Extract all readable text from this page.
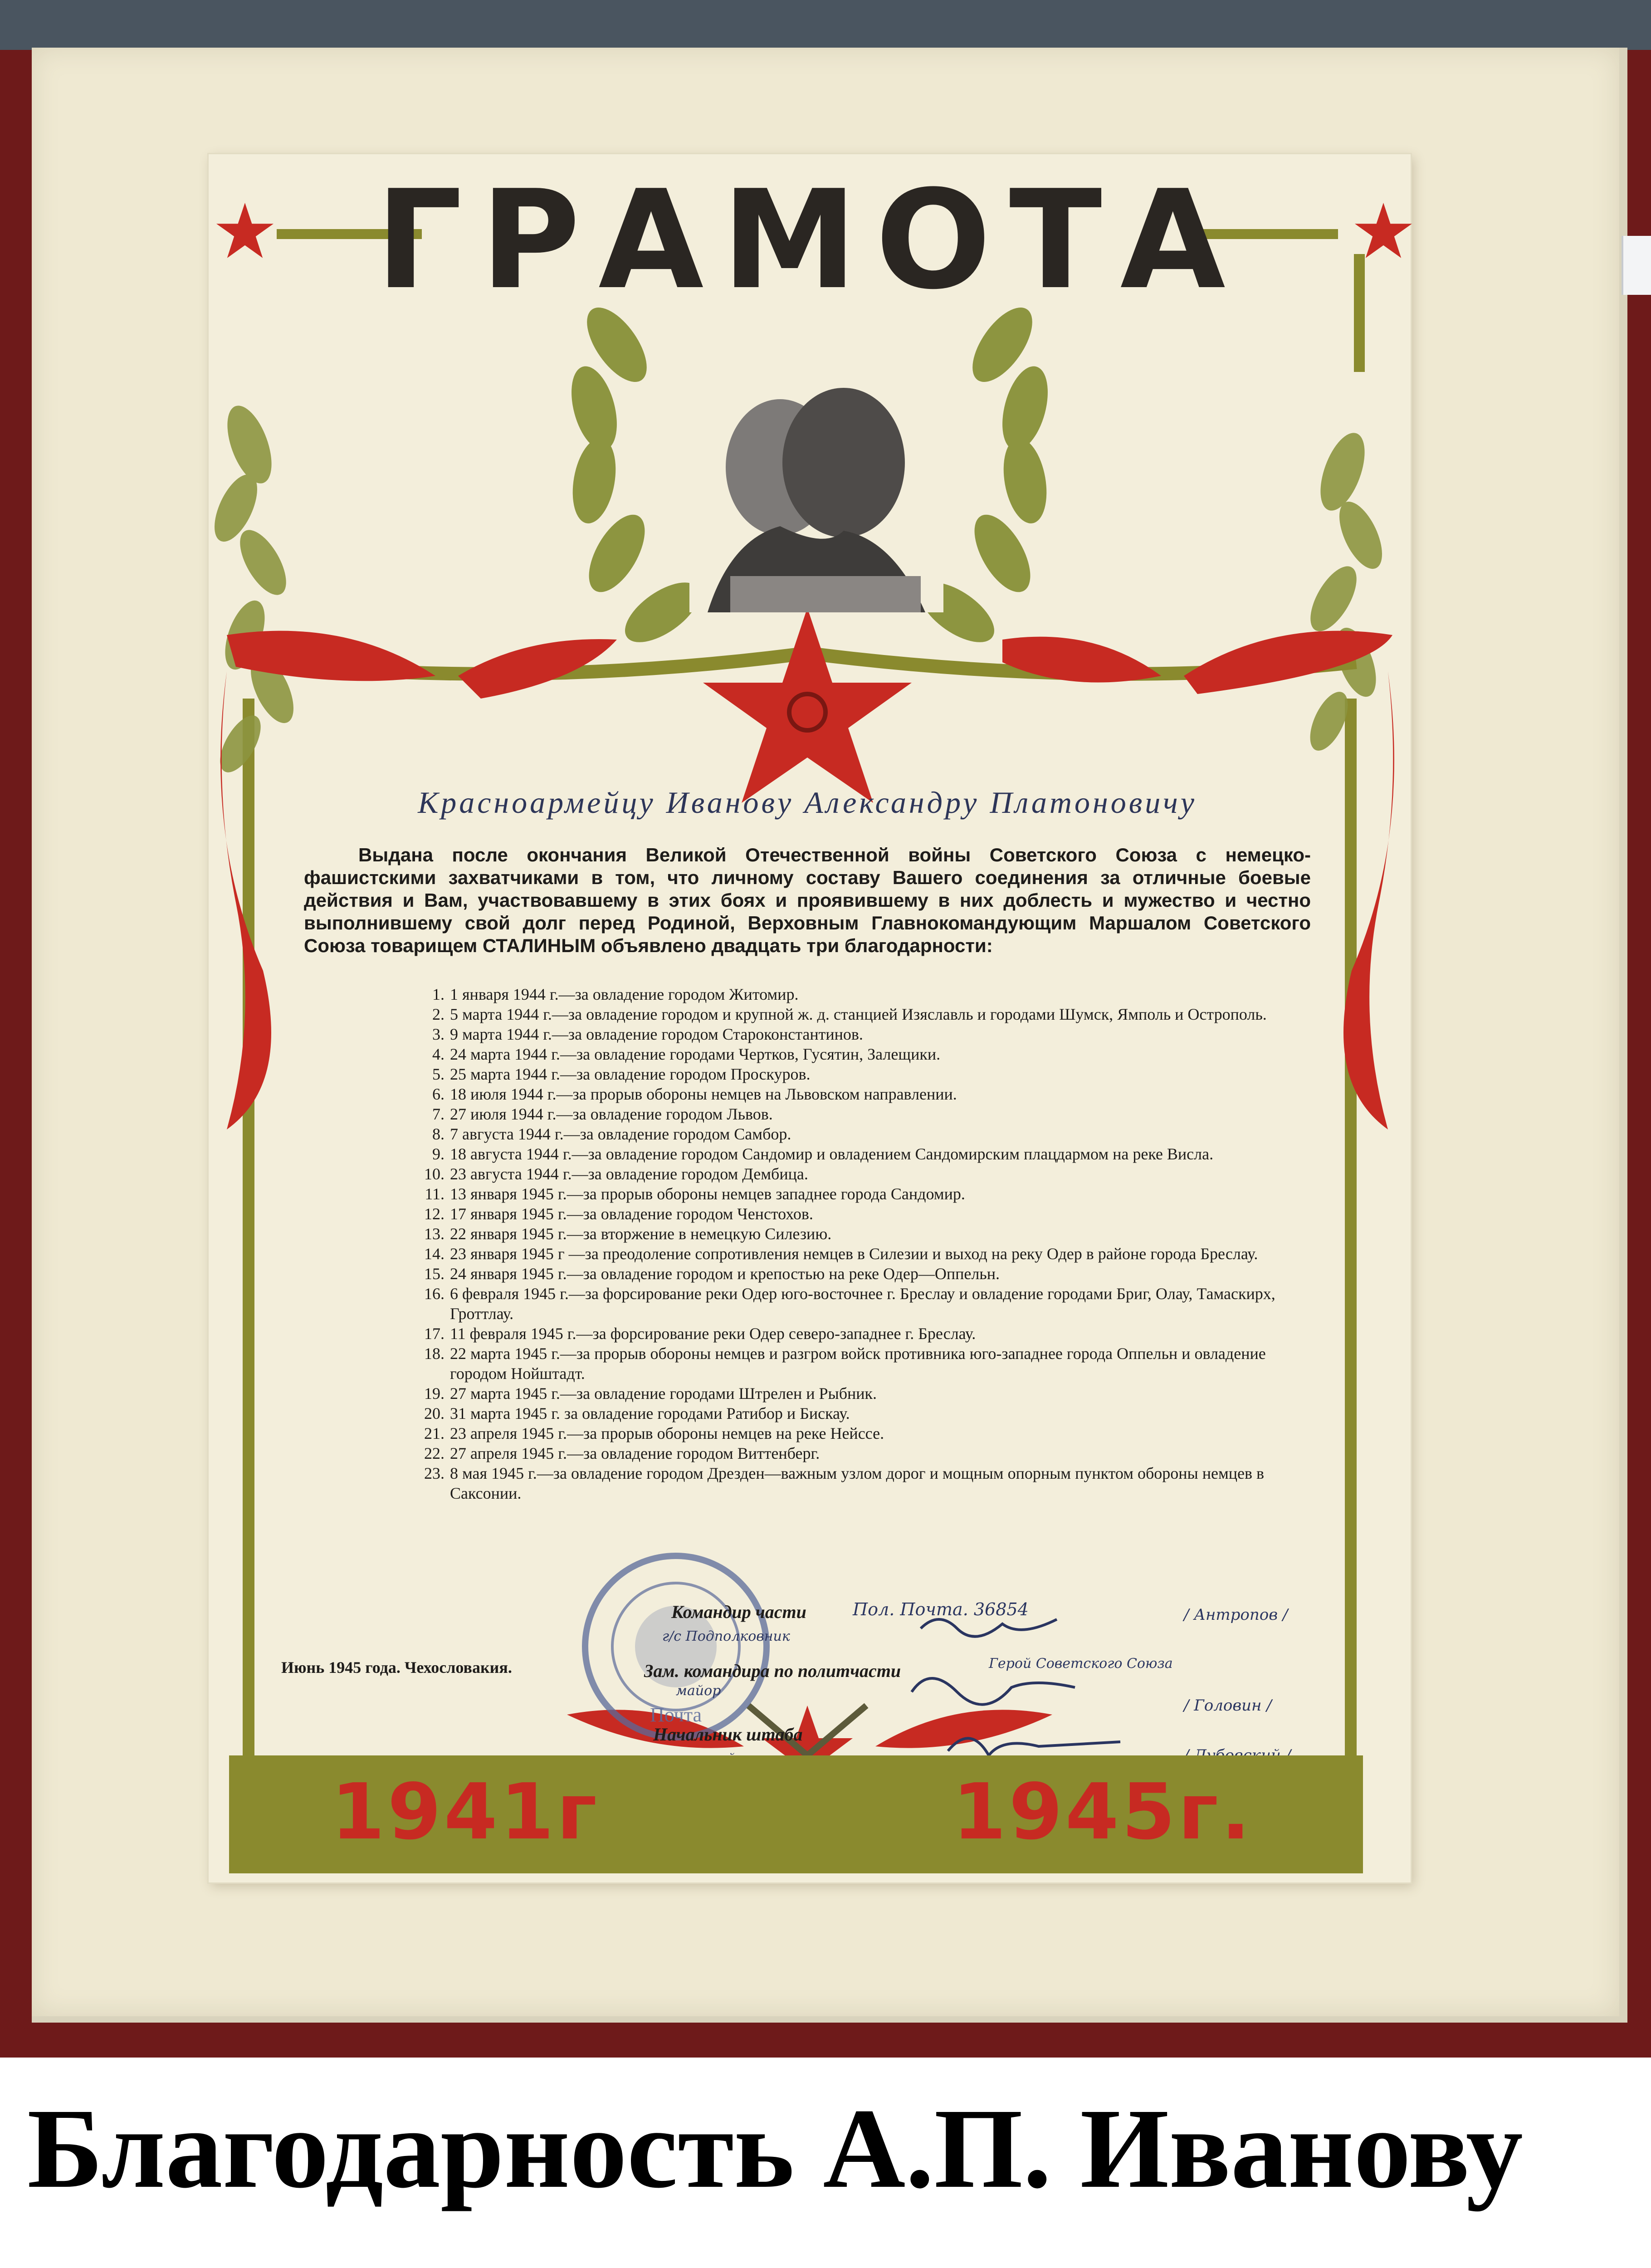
ГРАМОТА
Красноармейцу Иванову Александру Платоновичу
Выдана после окончания Великой Отечественной войны Советского Союза с немецко-фашистскими захватчиками в том, что личному составу Вашего соединения за отличные боевые действия и Вам, участвовавшему в этих боях и проявившему в них доблесть и мужество и честно выполнившему свой долг перед Родиной, Верховным Главнокомандующим Маршалом Советского Союза товарищем СТАЛИНЫМ объявлено двадцать три благодарности:
1. 1 января 1944 г.—за овладение городом Житомир.
2. 5 марта 1944 г.—за овладение городом и крупной ж. д. станцией Изяславль и городами Шумск, Ямполь и Острополь.
3. 9 марта 1944 г.—за овладение городом Староконстантинов.
4. 24 марта 1944 г.—за овладение городами Чертков, Гусятин, Залещики.
5. 25 марта 1944 г.—за овладение городом Проскуров.
6. 18 июля 1944 г.—за прорыв обороны немцев на Львовском направлении.
7. 27 июля 1944 г.—за овладение городом Львов.
8. 7 августа 1944 г.—за овладение городом Самбор.
9. 18 августа 1944 г.—за овладение городом Сандомир и овладением Сандомирским плацдармом на реке Висла.
10. 23 августа 1944 г.—за овладение городом Дембица.
11. 13 января 1945 г.—за прорыв обороны немцев западнее города Сандомир.
12. 17 января 1945 г.—за овладение городом Ченстохов.
13. 22 января 1945 г.—за вторжение в немецкую Силезию.
14. 23 января 1945 г —за преодоление сопротивления немцев в Силезии и выход на реку Одер в районе города Бреслау.
15. 24 января 1945 г.—за овладение городом и крепостью на реке Одер—Оппельн.
16. 6 февраля 1945 г.—за форсирование реки Одер юго-восточнее г. Бреслау и овладение городами Бриг, Олау, Тамаскирх, Гроттлау.
17. 11 февраля 1945 г.—за форсирование реки Одер северо-западнее г. Бреслау.
18. 22 марта 1945 г.—за прорыв обороны немцев и разгром войск противника юго-западнее города Оппельн и овладение городом Нойштадт.
19. 27 марта 1945 г.—за овладение городами Штрелен и Рыбник.
20. 31 марта 1945 г. за овладение городами Ратибор и Бискау.
21. 23 апреля 1945 г.—за прорыв обороны немцев на реке Нейссе.
22. 27 апреля 1945 г.—за овладение городом Виттенберг.
23. 8 мая 1945 г.—за овладение городом Дрезден—важным узлом дорог и мощным опорным пунктом обороны немцев в Саксонии.
Почта
Июнь 1945 года. Чехословакия.
Командир части	Пол. Почта. 36854	/ Антропов /
г/с Подполковник
Зам. командира по политчасти	Герой Советского Союза
майор
/ Головин /
Начальник штаба
1941г	1945г.
Благодарность А.П. Иванову
